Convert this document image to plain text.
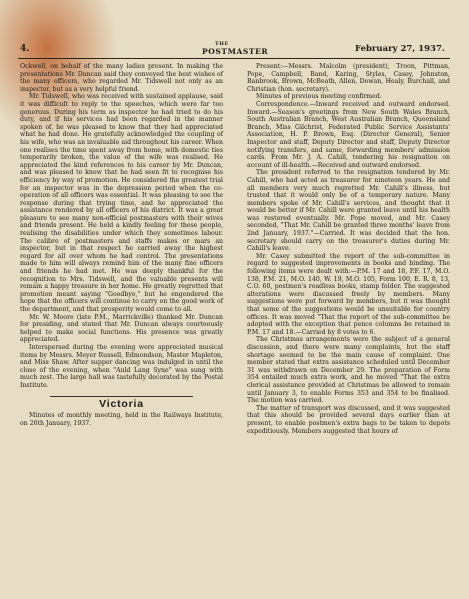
4.	THE
POSTMASTER	February 27, 1937.

Ockwell, on behalf of the many ladies present. In making the presentations Mr. Duncan said they conveyed the best wishes of the many officers, who regarded Mr. Tidswell not only as an inspector, but as a very helpful friend.

Mr. Tidswell, who was received with sustained applause, said it was difficult to reply to the speeches, which were far too generous. During his term as inspector he had tried to do his duty, and if his services had been regarded in the manner spoken of, he was pleased to know that they had appreciated what he had done. He gratefully acknowledged the coupling of his wife, who was an invaluable aid throughout his career. When one realises the time spent away from home, with domestic ties temporarily broken, the value of the wife was realised. He appreciated the kind references to his career by Mr. Duncan, and was pleased to know that he had seen fit to recognise his efficiency by way of promotion. He considered the greatest trial for an inspector was in the depression period when the co-operation of all officers was essential. It was pleasing to see the response during that trying time, and he appreciated the assistance rendered by all officers of his district. It was a great pleasure to see many non-official postmasters with their wives and friends present. He held a kindly feeling for these people, realising the disabilities under which they sometimes labour. The calibre of postmasters and staffs makes or mars an inspector, but in that respect he carried away the highest regard for all over whom he had control. The presentations made to him will always remind him of the many fine officers and friends he had met. He was deeply thankful for the recognition to Mrs. Tidswell, and the valuable presents will remain a happy treasure in her home. He greatly regretted that promotion meant saying "Goodbye," but he engendered the hope that the officers will continue to carry on the good work of the department, and that prosperity would come to all.

Mr. W. Moore (late P.M., Marrickville) thanked Mr. Duncan for presiding, and stated that Mr. Duncan always courteously helped to make social functions. His presence was greatly appreciated.

Interspersed during the evening were appreciated musical items by Messrs. Meyer Russell, Edmondson, Master Mapleton, and Miss Shaw. After supper dancing was indulged in until the close of the evening, when "Auld Lang Syne" was sung with much zest. The large hall was tastefully decorated by the Postal Institute.

Victoria

Minutes of monthly meeting, held in the Railways Institute, on 26th January, 1937.

Present:—Messrs. Malcolm (president), Troon, Pittman, Pope, Campbell, Band, Karing, Styles, Casey, Johnston, Banbrook, Brown, McBeath, Allen, Dewan, Healy, Burchall, and Christian (hon. secretary).

Minutes of previous meeting confirmed.

Correspondence.—Inward received and outward endorsed. Inward.—Season's greetings from New South Wales Branch, South Australian Branch, West Australian Branch, Queensland Branch, Miss Gilchrist, Federated Public Service Assistants' Association, H. P. Brown, Esq. (Director General), Senior Inspector and staff, Deputy Director and staff, Deputy Director notifying transfers, and same, forwarding members' admission cards. From Mr. J. A. Cahill, tendering his resignation on account of ill-health.—Received and outward endorsed.

The president referred to the resignation tendered by Mr. Cahill, who had acted as treasurer for nineteen years. He and all members very much regretted Mr. Cahill's illness, but trusted that it would only be of a temporary nature. Many members spoke of Mr. Cahill's services, and thought that it would be better if Mr. Cahill were granted leave until his health was restored eventually. Mr. Pope moved, and Mr. Casey seconded, "That Mr. Cahill be granted three months' leave from 2nd January, 1937."—Carried. It was decided that the hon. secretary should carry on the treasurer's duties during Mr. Cahill's leave.

Mr. Casey submitted the report of the sub-committee in regard to suggested improvements in books and binding. The following items were dealt with:—P.M. 17 and 18, P.F. 17, M.O. 138, P.M. 21, M.O. 140, W. 19, M.O. 105, Form 100, E. R. 8, 13, C.O. 60, postmen's roadless books, stamp folder. The suggested alterations were discussed freely by members. Many suggestions were put forward by members, but it was thought that some of the suggestions would be unsuitable for country offices. It was moved "That the report of the sub-committee be adopted with the exception that pence columns be retained in P.M. 17 and 18.—Carried by 8 votes to 6.

The Christmas arrangements were the subject of a general discussion, and there were many complaints, but the staff shortage seemed to be the main cause of complaint. One member stated that extra assistance scheduled until December 31 was withdrawn on December 29. The preparation of Form 354 entailed much extra work, and he moved "That the extra clerical assistance provided at Christmas be allowed to remain until January 3, to enable Forms 353 and 354 to be finalised. The motion was carried.

The matter of transport was discussed, and it was suggested that this should be provided several days earlier than at present, to enable postmen's extra bags to be taken to depots expeditiously. Members suggested that hours of
